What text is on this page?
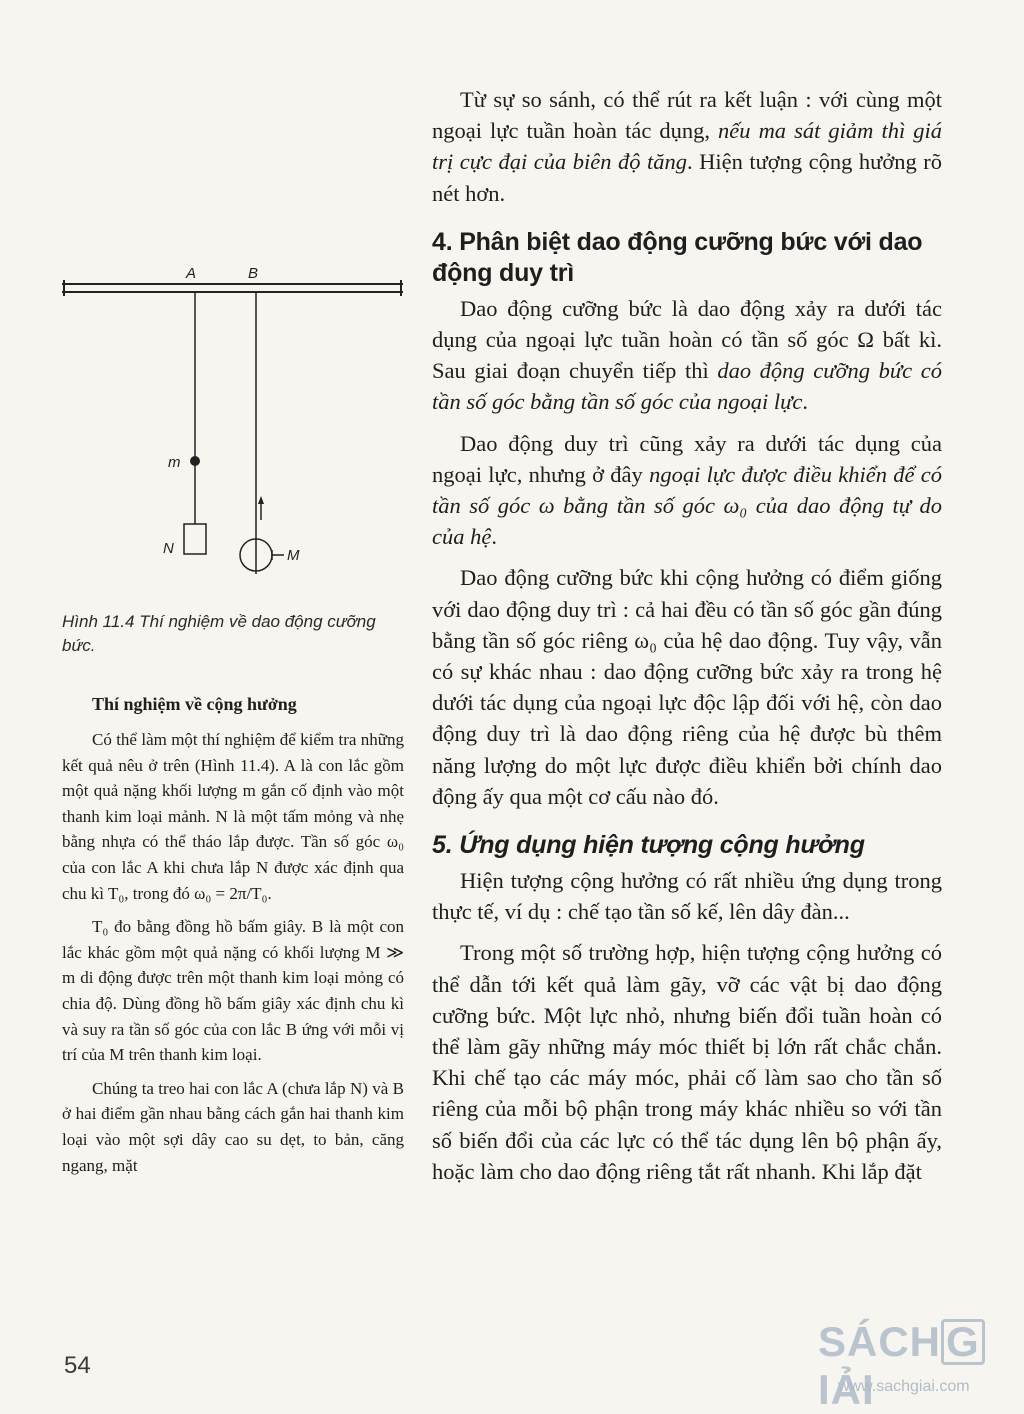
Từ sự so sánh, có thể rút ra kết luận : với cùng một ngoại lực tuần hoàn tác dụng, nếu ma sát giảm thì giá trị cực đại của biên độ tăng. Hiện tượng cộng hưởng rõ nét hơn.

4. Phân biệt dao động cưỡng bức với dao động duy trì

Dao động cưỡng bức là dao động xảy ra dưới tác dụng của ngoại lực tuần hoàn có tần số góc Ω bất kì. Sau giai đoạn chuyển tiếp thì dao động cưỡng bức có tần số góc bằng tần số góc của ngoại lực.

Dao động duy trì cũng xảy ra dưới tác dụng của ngoại lực, nhưng ở đây ngoại lực được điều khiển để có tần số góc ω bằng tần số góc ω₀ của dao động tự do của hệ.

Dao động cưỡng bức khi cộng hưởng có điểm giống với dao động duy trì : cả hai đều có tần số góc gần đúng bằng tần số góc riêng ω₀ của hệ dao động. Tuy vậy, vẫn có sự khác nhau : dao động cưỡng bức xảy ra trong hệ dưới tác dụng của ngoại lực độc lập đối với hệ, còn dao động duy trì là dao động riêng của hệ được bù thêm năng lượng do một lực được điều khiển bởi chính dao động ấy qua một cơ cấu nào đó.

5. Ứng dụng hiện tượng cộng hưởng

Hiện tượng cộng hưởng có rất nhiều ứng dụng trong thực tế, ví dụ : chế tạo tần số kế, lên dây đàn...

Trong một số trường hợp, hiện tượng cộng hưởng có thể dẫn tới kết quả làm gãy, vỡ các vật bị dao động cưỡng bức. Một lực nhỏ, nhưng biến đổi tuần hoàn có thể làm gãy những máy móc thiết bị lớn rất chắc chắn. Khi chế tạo các máy móc, phải cố làm sao cho tần số riêng của mỗi bộ phận trong máy khác nhiều so với tần số biến đổi của các lực có thể tác dụng lên bộ phận ấy, hoặc làm cho dao động riêng tắt rất nhanh. Khi lắp đặt

A	B
m
N	M
Hình 11.4 Thí nghiệm về dao động cưỡng bức.
Thí nghiệm về cộng hưởng

Có thể làm một thí nghiệm để kiểm tra những kết quả nêu ở trên (Hình 11.4). A là con lắc gồm một quả nặng khối lượng m gắn cố định vào một thanh kim loại mảnh. N là một tấm mỏng và nhẹ bằng nhựa có thể tháo lắp được. Tần số góc ω₀ của con lắc A khi chưa lắp N được xác định qua chu kì T₀, trong đó ω₀ = 2π/T₀.

T₀ đo bằng đồng hồ bấm giây. B là một con lắc khác gồm một quả nặng có khối lượng M ≫ m di động được trên một thanh kim loại mỏng có chia độ. Dùng đồng hồ bấm giây xác định chu kì và suy ra tần số góc của con lắc B ứng với mỗi vị trí của M trên thanh kim loại.

Chúng ta treo hai con lắc A (chưa lắp N) và B ở hai điểm gần nhau bằng cách gắn hai thanh kim loại vào một sợi dây cao su dẹt, to bản, căng ngang, mặt

54
SÁCH GIẢI
www.sachgiai.com
